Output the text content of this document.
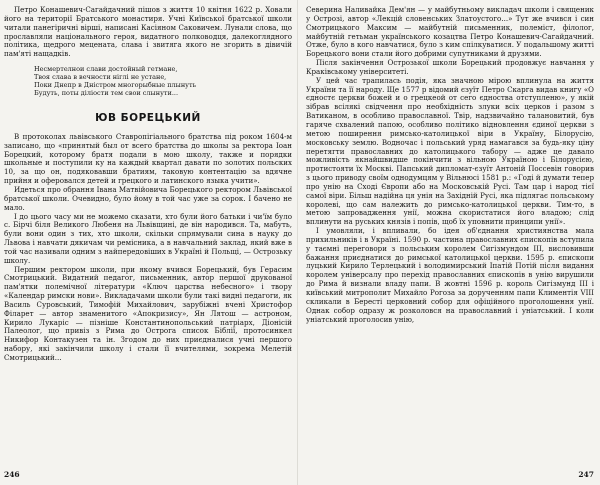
Петро Конашевич-Сагайдачний пішов з життя 10 квітня 1622 р. Ховали його на території Братського монастиря. Учні Київської братської школи читали панегіричні вірші, написані Касіяном Саковичем. Лунали слова, що прославляли національного героя, видатного полководця, далекоглядного політика, щедрого мецената, слава і звитяга якого не згорить в дівичій пам'яті нащадків.

Несмертелнои слави достойный гетмане,
Твоя слава в вечности ніглі не устане,
Поки Днепр в Дністром многорыбные плынуть
Будуть, поты діліости тем свои слынути...
ЮВ БОРЕЦЬКИЙ

В протоколах львівського Ставропігіального братства під роком 1604-м записано, що «принятый был от всего братства до школы за ректора Іоан Борецкий, которому братя подали в мою школу, также и порядки школьные и поступили ку на каждый квартал давати по золотих польских 10, за що он, подяковавши братиям, таковую контентацію за вдячне прийня и оферовался детей и грецкого и латинского языка учити».

Идеться про обрання Івана Матвійовича Борецького ректором Львівської братської школи. Очевидно, було йому в той час уже за сорок. І бачено не мало.

І до цього часу ми не можемо сказати, хто були його батьки і чи'їм було с. Бірчі біля Великого Любеня на Львівщині, де він народився. Та, мабуть, були вони один з тих, хто школи, скільки спрямували сина в науку до Львова і навчати дякичам чи ремісника, а в навчальний заклад, який вже в той час називали одним з найпередовіших в Україні й Польщі, — Острозьку школу.

Першим ректором школи, при якому вчився Борецький, був Герасим Смотрицький. Видатний педагог, письменник, автор першої друкованої пам'ятки полемічної літератури «Ключ царства небесного» і твору «Календар римски нови». Викладачами школи були такі видні педагоги, як Василь Суровський, Тимофій Михайлович, зарубіжні вчені Христофор Філарет — автор знаменитого «Апокризису», Ян Лятош — астроном, Кирило Лукаріс — пізніше Константинопольський патріарх, Діонісій Палеолог, що привіз з Рима до Острога список Біблії, протосинкел Никифор Контакузен та ін. Згодом до них приєдналися учні першого набору, які закінчили школу і стали її вчителями, зокрема Мелетій Смотрицький...

246

Северина Наливайка Дем'ян — у майбутньому викладач школи і священик у Острозі, автор «Лекцій словенських Златоустого...» Тут же вчився і син Смотрицького Максим — майбутній письменник, полеміст, філолог, майбутній гетьман українського козацтва Петро Конашевич-Сагайдачний. Отже, було в кого навчатися, було з ким спілкуватися. У подальшому житті Борецького вони стали його добрими супутниками й друзями.

Після закінчення Острозької школи Борецький продовжує навчання у Краківському університеті.

У цей час трапилась подія, яка значною мірою вплинула на життя України та її народу. Ще 1577 р відомий єзуїт Петро Скарга видав книгу «О єдностє церкви божей и о грецкеой от сего єдноства отступленю», у якій зібрав всілякі свідчення про необхідність злуки всіх церков і разом з Ватиканом, в особливо православної. Твір, надзвичайно талановитий, був гаряче схвалений папою, особливо політико відновлення єдиної церкви з метою поширення римсько-католицької віри в Україну, Білорусію, московську землю. Водночас і польський уряд намагався за будь-яку ціну перетягти православних до католицького табору — адже це давало можливість якнайшвидше покінчити з вільною Україною і Білорусією, протистояти їх Москві. Папський дипломат-єзуїт Антоній Поссевін говорив з цього приводу своїм однодумцям у Вільнюсі 1581 р.: «Годі й думати тепер про унію на Сході Європи або на Московській Русі. Там цар і народ тієї самої віри. Більш надійна ця унія на Західній Русі, яка підлягає польському королеві, що сам належить до римсько-католицької церкви. Тим-то, в метою запровадження унії, можна скористатися його владою; слід вплинути на руських князів і попів, щоб їх уповнити принципи унії».

І умовляли, і впливали, бо ідея об'єднання християнства мала прихильників і в Україні. 1590 р. частина православних єпископів вступила у таємні переговори з польським королем Сигізмундом III, висловивши бажання приєднатися до римської католицької церкви. 1595 р. єпископи луцький Кирило Терлецький і володимирський Іпатій Потій після видання королем універсалу про перехід православних єпископів в унію вирушили до Рима й визнали владу папи. В жовтні 1596 р. король Сигізмунд III і київський митрополит Михайло Рогоза за дорученням папи Климентія VIII скликали в Бересті церковний собор для офіційного проголошення унії. Однак собор одразу ж розколовся на православний і уніатський. І коли уніатський проголосив унію,

247
